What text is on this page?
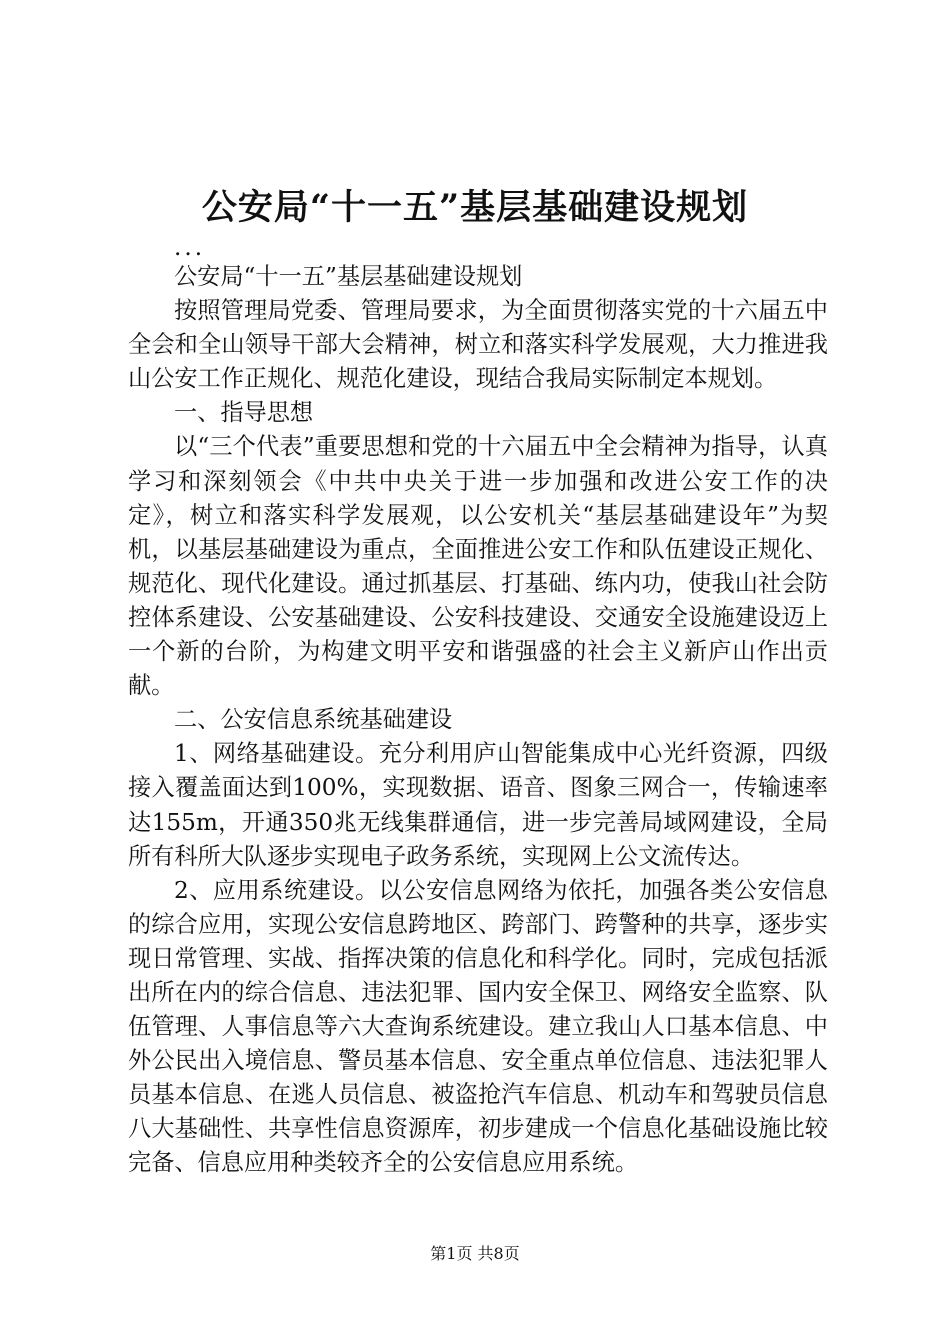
公安局“十一五”基层基础建设规划
...

公安局“十一五”基层基础建设规划

按照管理局党委、管理局要求，为全面贯彻落实党的十六届五中全会和全山领导干部大会精神，树立和落实科学发展观，大力推进我山公安工作正规化、规范化建设，现结合我局实际制定本规划。

一、指导思想

以“三个代表”重要思想和党的十六届五中全会精神为指导，认真学习和深刻领会《中共中央关于进一步加强和改进公安工作的决定》，树立和落实科学发展观，以公安机关“基层基础建设年”为契机，以基层基础建设为重点，全面推进公安工作和队伍建设正规化、规范化、现代化建设。通过抓基层、打基础、练内功，使我山社会防控体系建设、公安基础建设、公安科技建设、交通安全设施建设迈上一个新的台阶，为构建文明平安和谐强盛的社会主义新庐山作出贡献。

二、公安信息系统基础建设

1、网络基础建设。充分利用庐山智能集成中心光纤资源，四级接入覆盖面达到100%，实现数据、语音、图象三网合一，传输速率达155m，开通350兆无线集群通信，进一步完善局域网建设，全局所有科所大队逐步实现电子政务系统，实现网上公文流传达。

2、应用系统建设。以公安信息网络为依托，加强各类公安信息的综合应用，实现公安信息跨地区、跨部门、跨警种的共享，逐步实现日常管理、实战、指挥决策的信息化和科学化。同时，完成包括派出所在内的综合信息、违法犯罪、国内安全保卫、网络安全监察、队伍管理、人事信息等六大查询系统建设。建立我山人口基本信息、中外公民出入境信息、警员基本信息、安全重点单位信息、违法犯罪人员基本信息、在逃人员信息、被盗抢汽车信息、机动车和驾驶员信息八大基础性、共享性信息资源库，初步建成一个信息化基础设施比较完备、信息应用种类较齐全的公安信息应用系统。

第1页 共8页
